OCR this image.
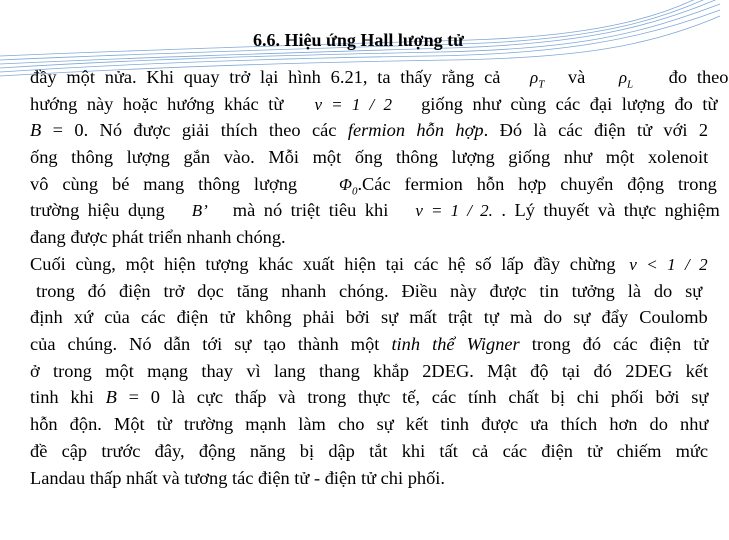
6.6. Hiệu ứng Hall lượng tử
đầy một nửa. Khi quay trở lại hình 6.21, ta thấy rằng cả $\rho_T$ và $\rho_L$ đo theo
hướng này hoặc hướng khác từ ν = 1 / 2 giống như cùng các đại lượng đo từ
B = 0. Nó được giải thích theo các fermion hỗn hợp. Đó là các điện tử với 2
ống thông lượng gắn vào. Mỗi một ống thông lượng giống như một xolenoit
vô cùng bé mang thông lượng $\Phi_0.Các$ fermion hỗn hợp chuyển động trong
trường hiệu dụng B’ mà nó triệt tiêu khi ν = 1 / 2. . Lý thuyết và thực nghiệm
đang được phát triển nhanh chóng.
Cuối cùng, một hiện tượng khác xuất hiện tại các hệ số lấp đầy chừng ν < 1 / 2
trong đó điện trở dọc tăng nhanh chóng. Điều này được tin tưởng là do sự
định xứ của các điện tử không phải bởi sự mất trật tự mà do sự đẩy Coulomb
của chúng. Nó dẫn tới sự tạo thành một tinh thể Wigner trong đó các điện tử
ở trong một mạng thay vì lang thang khắp 2DEG. Mật độ tại đó 2DEG kết
tinh khi B = 0 là cực thấp và trong thực tế, các tính chất bị chi phối bởi sự
hỗn độn. Một từ trường mạnh làm cho sự kết tinh được ưa thích hơn do như
đề cập trước đây, động năng bị dập tắt khi tất cả các điện tử chiếm mức
Landau thấp nhất và tương tác điện tử - điện tử chi phối.
